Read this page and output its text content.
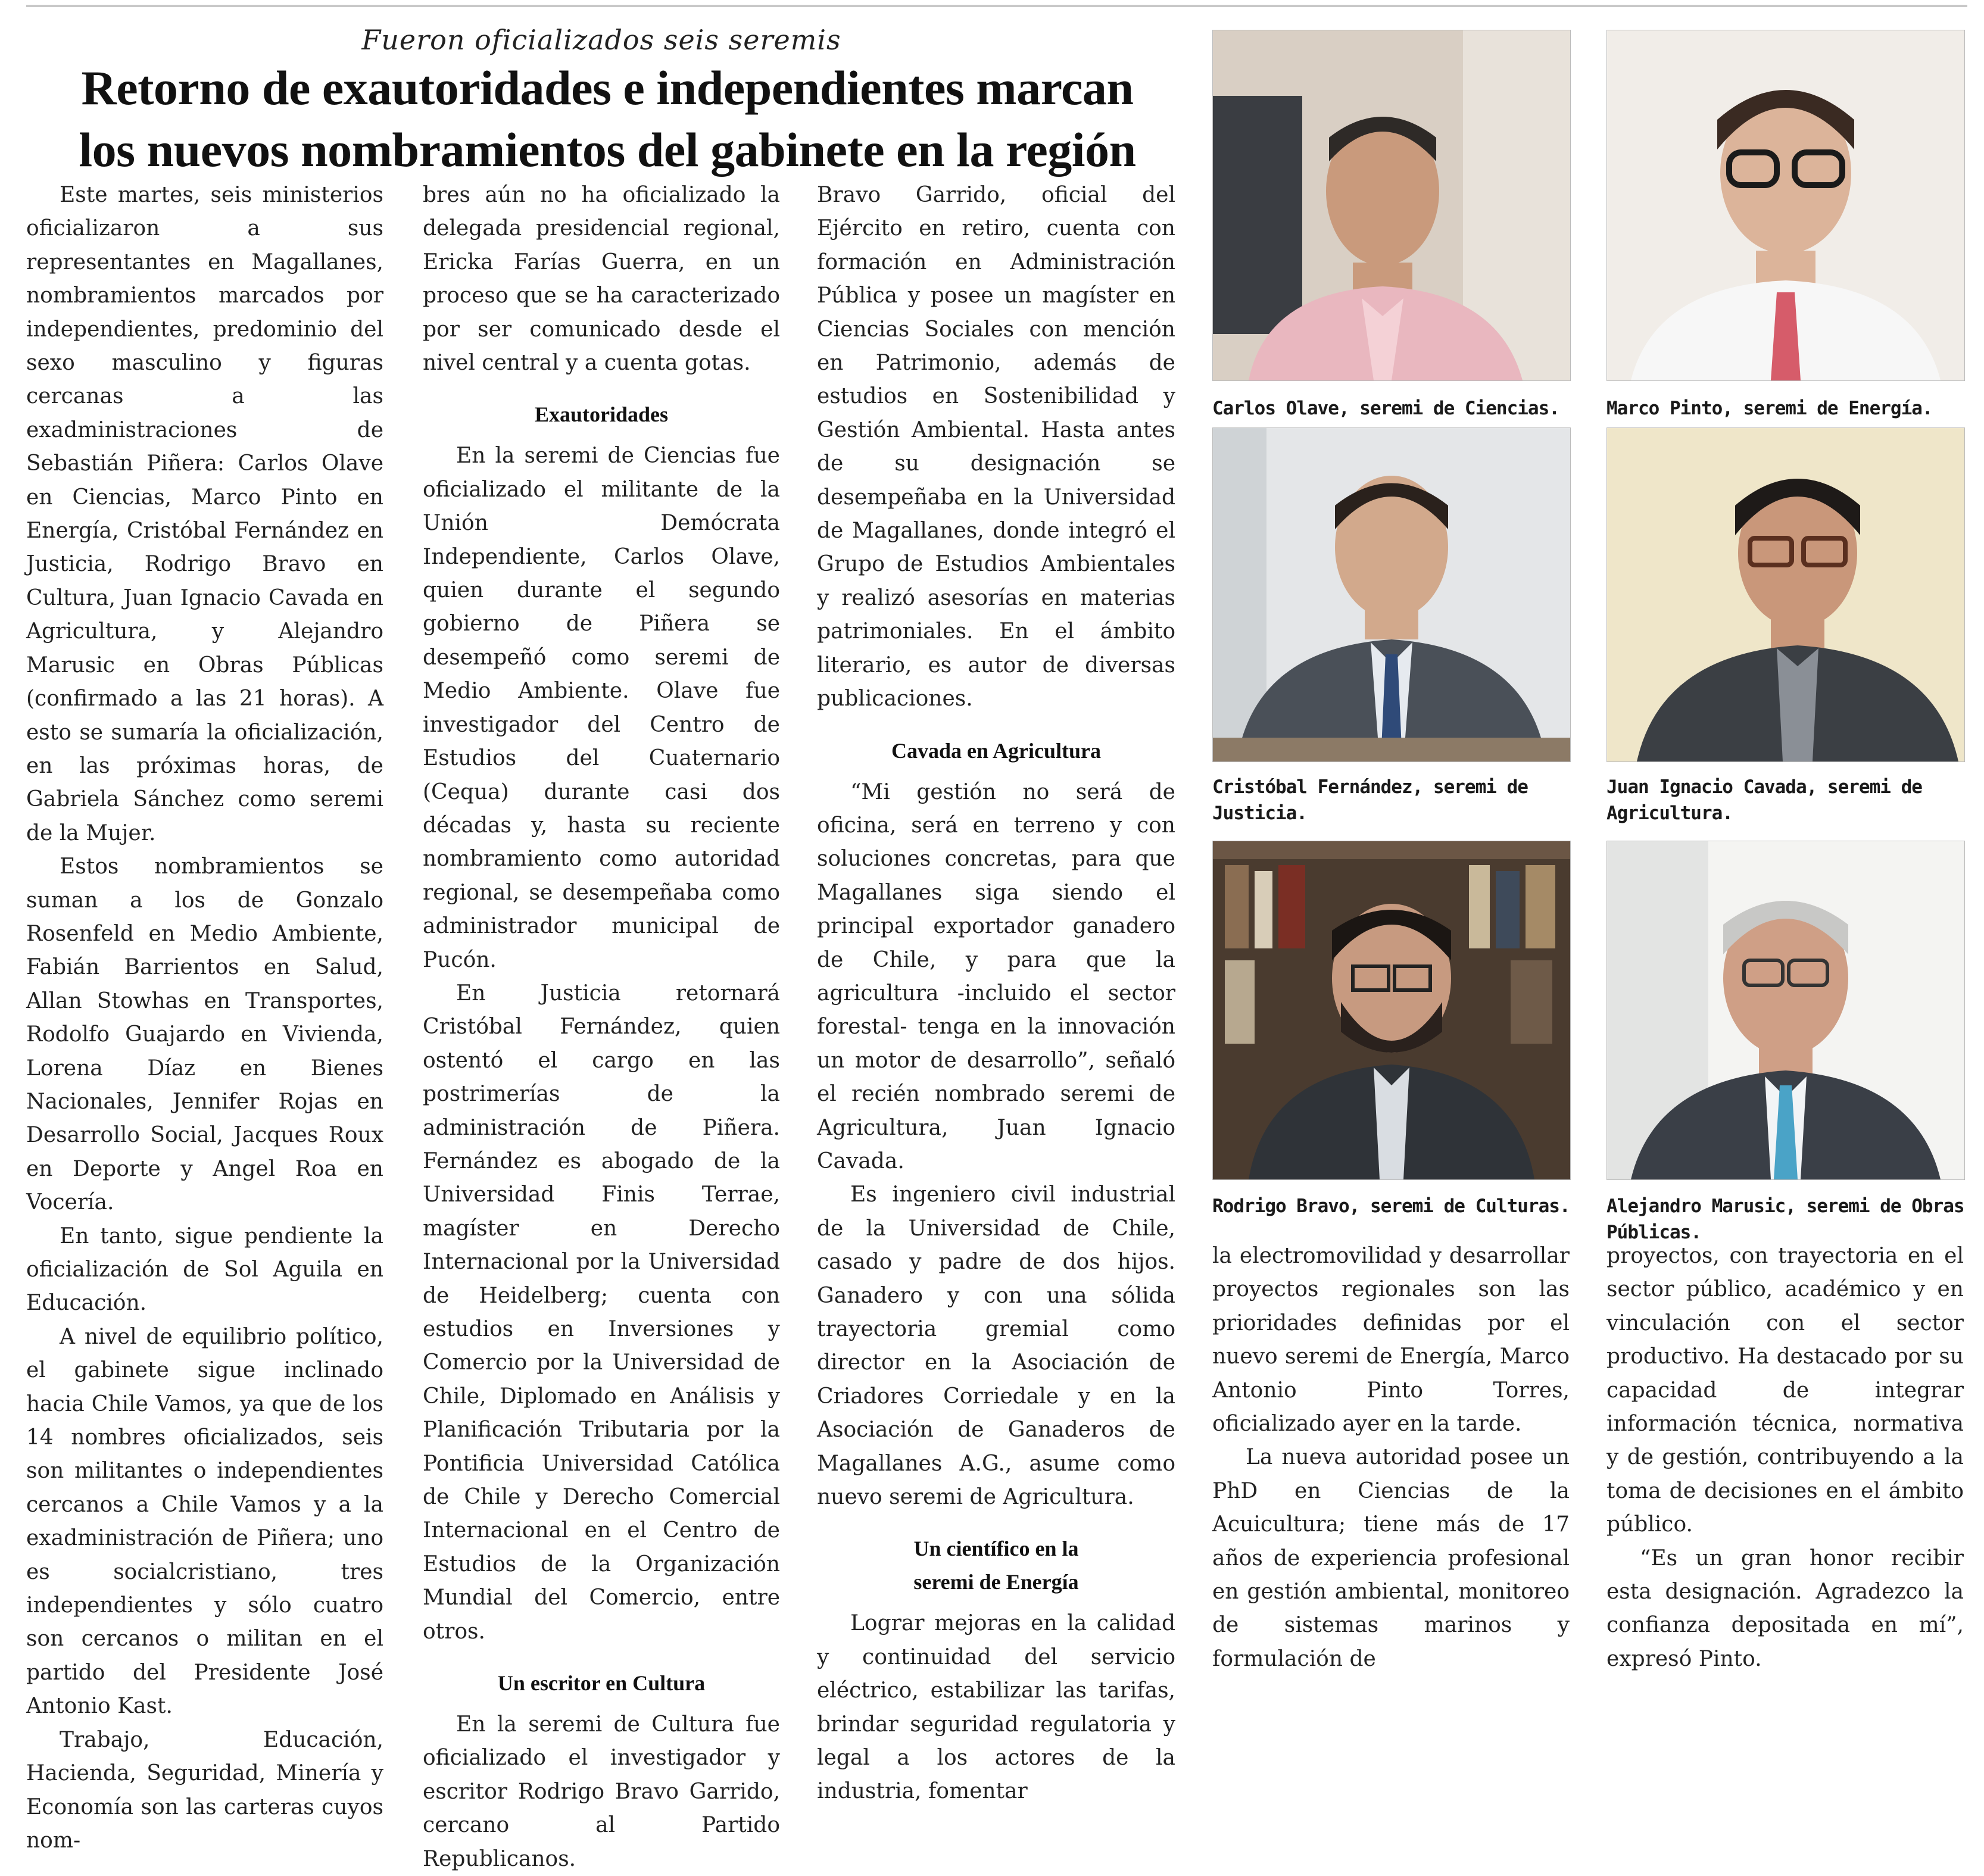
Fueron oficializados seis seremis
Retorno de exautoridades e independientes marcan
los nuevos nombramientos del gabinete en la región

Este martes, seis ministerios oficializaron a sus representantes en Magallanes, nombramientos marcados por independientes, predominio del sexo masculino y figuras cercanas a las exadministraciones de Sebastián Piñera: Carlos Olave en Ciencias, Marco Pinto en Energía, Cristóbal Fernández en Justicia, Rodrigo Bravo en Cultura, Juan Ignacio Cavada en Agricultura, y Alejandro Marusic en Obras Públicas (confirmado a las 21 horas). A esto se sumaría la oficialización, en las próximas horas, de Gabriela Sánchez como seremi de la Mujer.

Estos nombramientos se suman a los de Gonzalo Rosenfeld en Medio Ambiente, Fabián Barrientos en Salud, Allan Stowhas en Transportes, Rodolfo Guajardo en Vivienda, Lorena Díaz en Bienes Nacionales, Jennifer Rojas en Desarrollo Social, Jacques Roux en Deporte y Angel Roa en Vocería.

En tanto, sigue pendiente la oficialización de Sol Aguila en Educación.

A nivel de equilibrio político, el gabinete sigue inclinado hacia Chile Vamos, ya que de los 14 nombres oficializados, seis son militantes o independientes cercanos a Chile Vamos y a la exadministración de Piñera; uno es socialcristiano, tres independientes y sólo cuatro son cercanos o militan en el partido del Presidente José Antonio Kast.

Trabajo, Educación, Hacienda, Seguridad, Minería y Economía son las carteras cuyos nom-

bres aún no ha oficializado la delegada presidencial regional, Ericka Farías Guerra, en un proceso que se ha caracterizado por ser comunicado desde el nivel central y a cuenta gotas.

Exautoridades

En la seremi de Ciencias fue oficializado el militante de la Unión Demócrata Independiente, Carlos Olave, quien durante el segundo gobierno de Piñera se desempeñó como seremi de Medio Ambiente. Olave fue investigador del Centro de Estudios del Cuaternario (Cequa) durante casi dos décadas y, hasta su reciente nombramiento como autoridad regional, se desempeñaba como administrador municipal de Pucón.

En Justicia retornará Cristóbal Fernández, quien ostentó el cargo en las postrimerías de la administración de Piñera. Fernández es abogado de la Universidad Finis Terrae, magíster en Derecho Internacional por la Universidad de Heidelberg; cuenta con estudios en Inversiones y Comercio por la Universidad de Chile, Diplomado en Análisis y Planificación Tributaria por la Pontificia Universidad Católica de Chile y Derecho Comercial Internacional en el Centro de Estudios de la Organización Mundial del Comercio, entre otros.

Un escritor en Cultura

En la seremi de Cultura fue oficializado el investigador y escritor Rodrigo Bravo Garrido, cercano al Partido Republicanos.

Bravo Garrido, oficial del Ejército en retiro, cuenta con formación en Administración Pública y posee un magíster en Ciencias Sociales con mención en Patrimonio, además de estudios en Sostenibilidad y Gestión Ambiental. Hasta antes de su designación se desempeñaba en la Universidad de Magallanes, donde integró el Grupo de Estudios Ambientales y realizó asesorías en materias patrimoniales. En el ámbito literario, es autor de diversas publicaciones.

Cavada en Agricultura

“Mi gestión no será de oficina, será en terreno y con soluciones concretas, para que Magallanes siga siendo el principal exportador ganadero de Chile, y para que la agricultura -incluido el sector forestal- tenga en la innovación un motor de desarrollo”, señaló el recién nombrado seremi de Agricultura, Juan Ignacio Cavada.

Es ingeniero civil industrial de la Universidad de Chile, casado y padre de dos hijos. Ganadero y con una sólida trayectoria gremial como director en la Asociación de Criadores Corriedale y en la Asociación de Ganaderos de Magallanes A.G., asume como nuevo seremi de Agricultura.

Un científico en la
seremi de Energía

Lograr mejoras en la calidad y continuidad del servicio eléctrico, estabilizar las tarifas, brindar seguridad regulatoria y legal a los actores de la industria, fomentar

la electromovilidad y desarrollar proyectos regionales son las prioridades definidas por el nuevo seremi de Energía, Marco Antonio Pinto Torres, oficializado ayer en la tarde.

La nueva autoridad posee un PhD en Ciencias de la Acuicultura; tiene más de 17 años de experiencia profesional en gestión ambiental, monitoreo de sistemas marinos y formulación de

proyectos, con trayectoria en el sector público, académico y en vinculación con el sector productivo. Ha destacado por su capacidad de integrar información técnica, normativa y de gestión, contribuyendo a la toma de decisiones en el ámbito público.

“Es un gran honor recibir esta designación. Agradezco la confianza depositada en mí”, expresó Pinto.

Carlos Olave, seremi de Ciencias.	Marco Pinto, seremi de Energía.
Cristóbal Fernández, seremi de Justicia.
Juan Ignacio Cavada, seremi de Agricultura.
Rodrigo Bravo, seremi de Culturas.	Alejandro Marusic, seremi de Obras Públicas.
